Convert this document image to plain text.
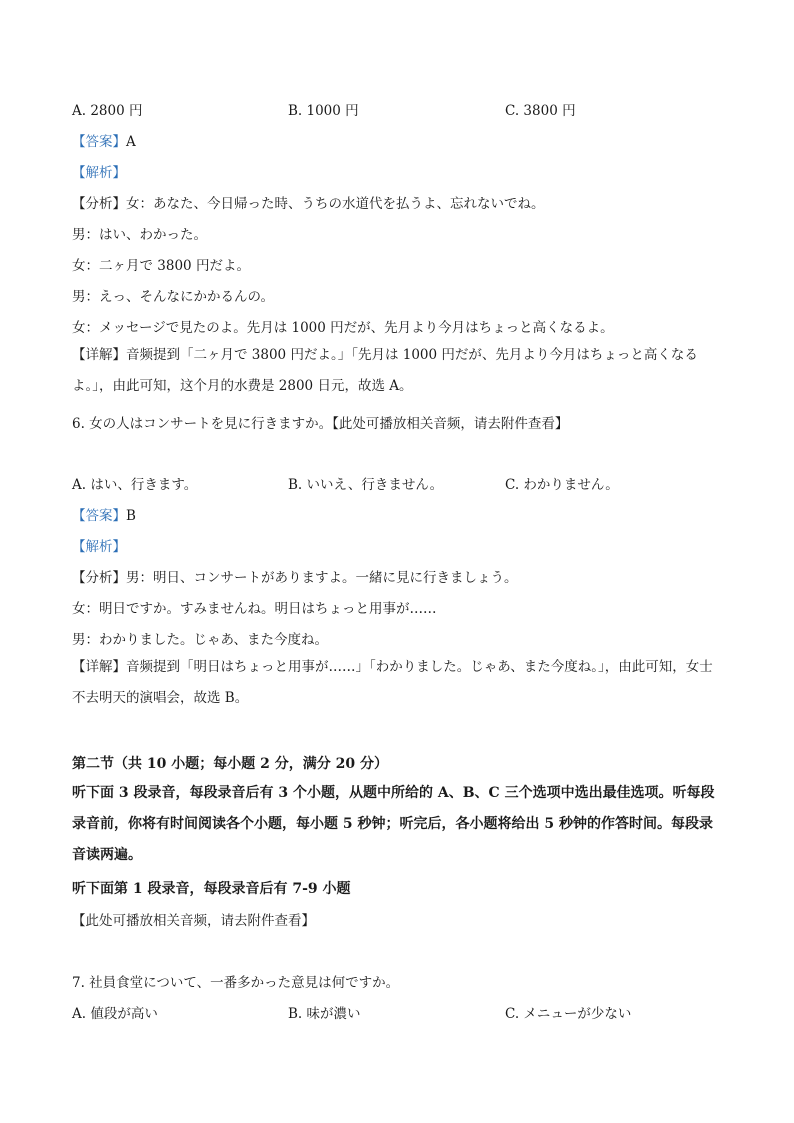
A. 2800 円	B. 1000 円	C. 3800 円
【答案】A
【解析】
【分析】女：あなた、今日帰った時、うちの水道代を払うよ、忘れないでね。
男：はい、わかった。
女：二ヶ月で 3800 円だよ。
男：えっ、そんなにかかるんの。
女：メッセージで見たのよ。先月は 1000 円だが、先月より今月はちょっと高くなるよ。
【详解】音频提到「二ヶ月で 3800 円だよ。」「先月は 1000 円だが、先月より今月はちょっと高くなるよ。」，由此可知，这个月的水费是 2800 日元，故选 A。
6. 女の人はコンサートを見に行きますか。【此处可播放相关音频，请去附件查看】
A. はい、行きます。	B. いいえ、行きません。	C. わかりません。
【答案】B
【解析】
【分析】男：明日、コンサートがありますよ。一緒に見に行きましょう。
女：明日ですか。すみませんね。明日はちょっと用事が……
男：わかりました。じゃあ、また今度ね。
【详解】音频提到「明日はちょっと用事が……」「わかりました。じゃあ、また今度ね。」，由此可知，女士不去明天的演唱会，故选 B。
第二节（共 10 小题；每小题 2 分，满分 20 分）
听下面 3 段录音，每段录音后有 3 个小题，从题中所给的 A、B、C 三个选项中选出最佳选项。听每段录音前，你将有时间阅读各个小题，每小题 5 秒钟；听完后，各小题将给出 5 秒钟的作答时间。每段录音读两遍。
听下面第 1 段录音，每段录音后有 7-9 小题
【此处可播放相关音频，请去附件查看】
7. 社員食堂について、一番多かった意見は何ですか。
A. 値段が高い	B. 味が濃い	C. メニューが少ない
